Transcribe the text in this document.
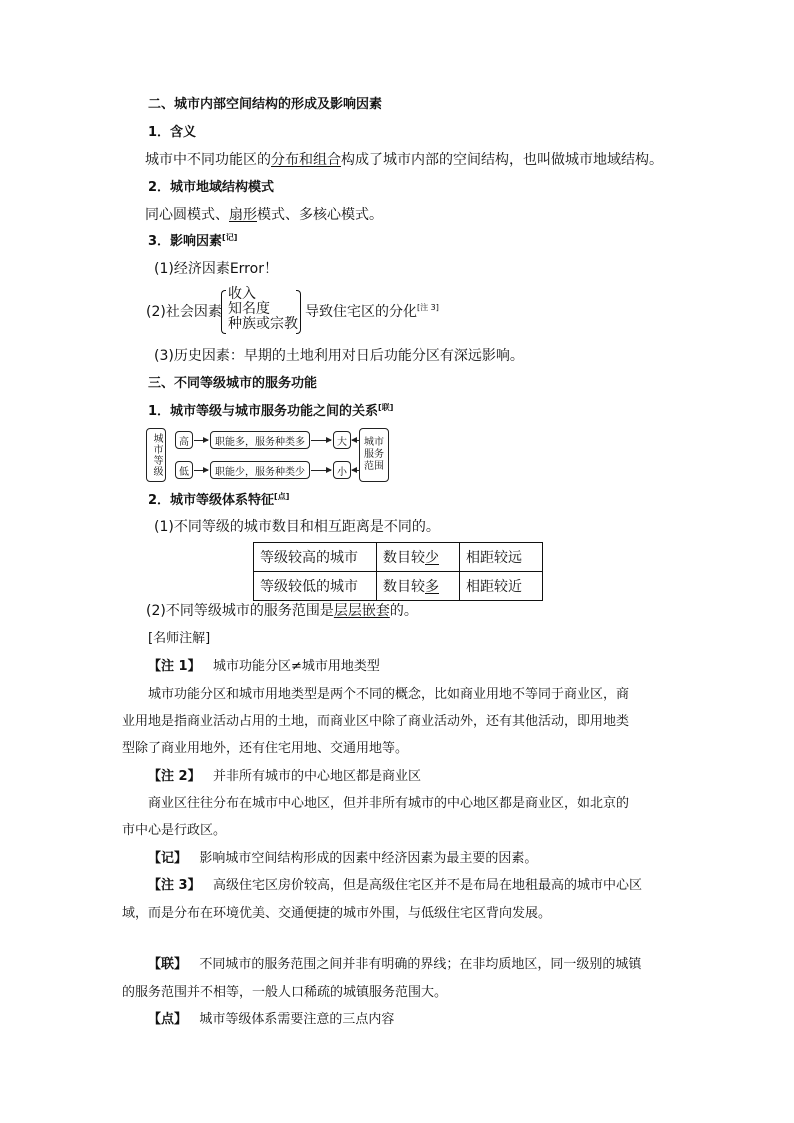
二、城市内部空间结构的形成及影响因素
1．含义
城市中不同功能区的分布和组合构成了城市内部的空间结构，也叫做城市地域结构。
2．城市地域结构模式
同心圆模式、扇形模式、多核心模式。
3．影响因素[记]
(1)经济因素Error！
(2)社会因素
收入
知名度
种族或宗教
导致住宅区的分化[注 3]
(3)历史因素：早期的土地利用对日后功能分区有深远影响。
三、不同等级城市的服务功能
1．城市等级与城市服务功能之间的关系[联]
城市等级	高
低
职能多，服务种类多
职能少，服务种类少
大
小
城市服务范围
2．城市等级体系特征[点]
(1)不同等级的城市数目和相互距离是不同的。
等级较高的城市	数目较少	相距较远
等级较低的城市	数目较多	相距较近
(2)不同等级城市的服务范围是层层嵌套的。
[名师注解]
【注 1】 城市功能分区≠城市用地类型
城市功能分区和城市用地类型是两个不同的概念，比如商业用地不等同于商业区，商
业用地是指商业活动占用的土地，而商业区中除了商业活动外，还有其他活动，即用地类
型除了商业用地外，还有住宅用地、交通用地等。
【注 2】 并非所有城市的中心地区都是商业区
商业区往往分布在城市中心地区，但并非所有城市的中心地区都是商业区，如北京的
市中心是行政区。
【记】 影响城市空间结构形成的因素中经济因素为最主要的因素。
【注 3】 高级住宅区房价较高，但是高级住宅区并不是布局在地租最高的城市中心区
域，而是分布在环境优美、交通便捷的城市外围，与低级住宅区背向发展。
【联】 不同城市的服务范围之间并非有明确的界线；在非均质地区，同一级别的城镇
的服务范围并不相等，一般人口稀疏的城镇服务范围大。
【点】 城市等级体系需要注意的三点内容
